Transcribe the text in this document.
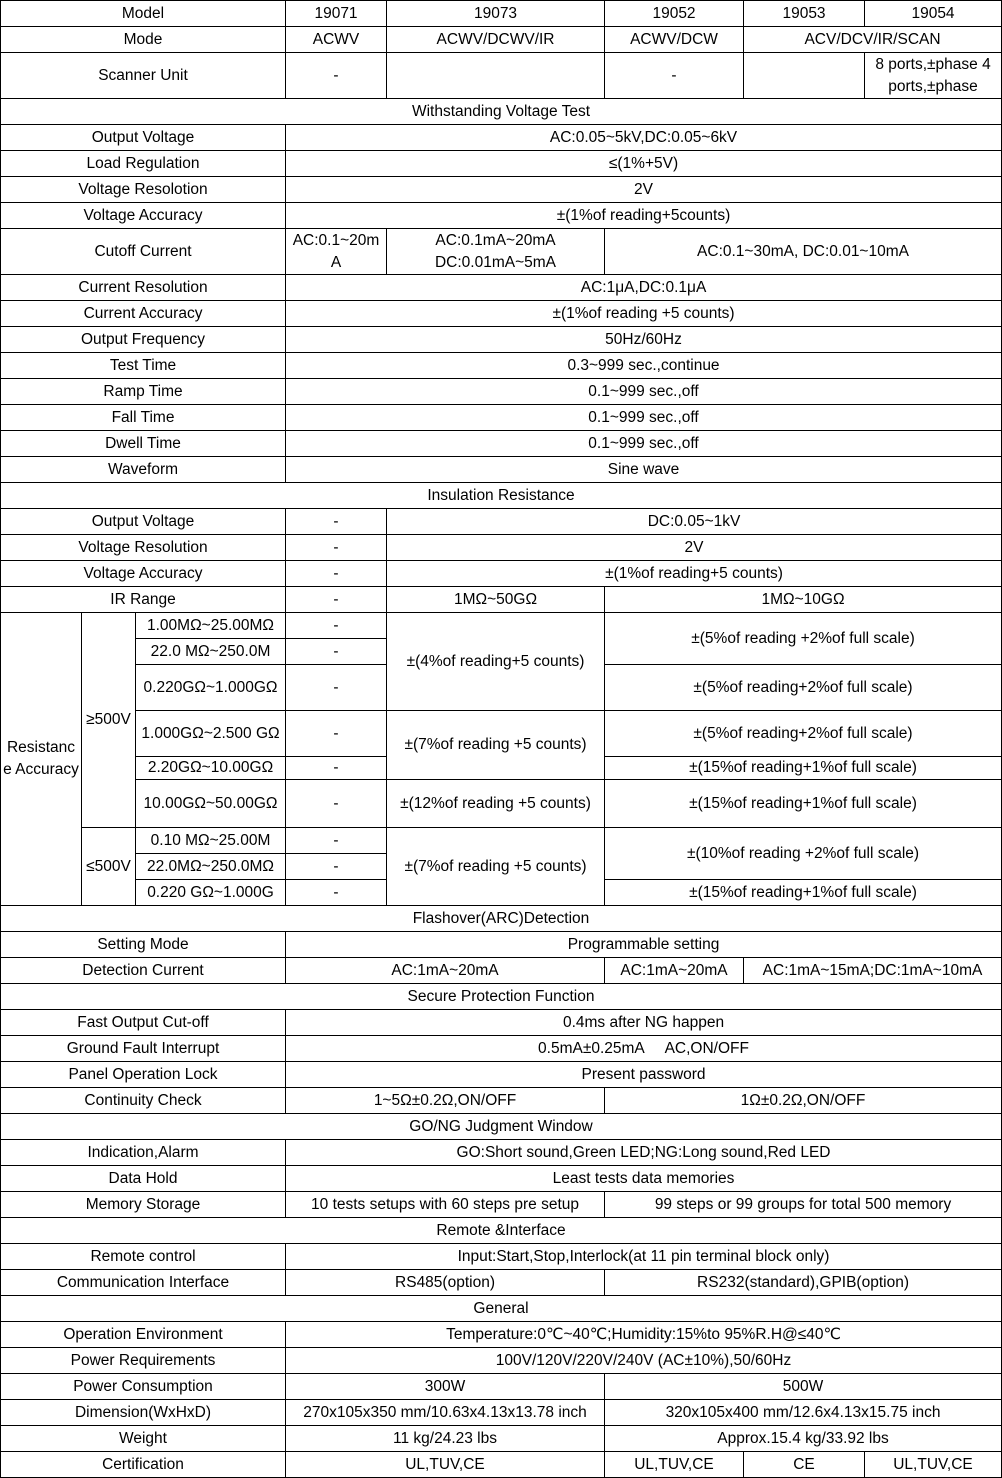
Model			19071	19073	19052	19053	19054
Mode			ACWV	ACWV/DCWV/IR	ACWV/DCW	ACV/DCV/IR/SCAN	
Scanner Unit			-		-		8 ports,±phase 4 ports,±phase
Withstanding Voltage Test							
Output Voltage			AC:0.05~5kV,DC:0.05~6kV				
Load Regulation			≤(1%+5V)				
Voltage Resolotion			2V				
Voltage Accuracy			±(1%of reading+5counts)				
Cutoff Current			AC:0.1~20mA	AC:0.1mA~20mA DC:0.01mA~5mA	AC:0.1~30mA, DC:0.01~10mA		
Current Resolution			AC:1μA,DC:0.1μA				
Current Accuracy			±(1%of reading +5 counts)				
Output Frequency			50Hz/60Hz				
Test Time			0.3~999 sec.,continue				
Ramp Time			0.1~999 sec.,off				
Fall Time			0.1~999 sec.,off				
Dwell Time			0.1~999 sec.,off				
Waveform			Sine wave				
Insulation Resistance							
Output Voltage			-	DC:0.05~1kV			
Voltage Resolution			-	2V			
Voltage Accuracy			-	±(1%of reading+5 counts)			
IR Range			-	1MΩ~50GΩ	1MΩ~10GΩ		
Resistance Accuracy	≥500V	1.00MΩ~25.00MΩ	-	±(4%of reading+5 counts)	±(5%of reading +2%of full scale)		
		22.0 MΩ~250.0M	-				
		0.220GΩ~1.000GΩ	-		±(5%of reading+2%of full scale)		
		1.000GΩ~2.500 GΩ	-	±(7%of reading +5 counts)	±(5%of reading+2%of full scale)		
		2.20GΩ~10.00GΩ	-		±(15%of reading+1%of full scale)		
		10.00GΩ~50.00GΩ	-	±(12%of reading +5 counts)	±(15%of reading+1%of full scale)		
	≤500V	0.10 MΩ~25.00M	-	±(7%of reading +5 counts)	±(10%of reading +2%of full scale)		
		22.0MΩ~250.0MΩ	-				
		0.220 GΩ~1.000G	-		±(15%of reading+1%of full scale)		
Flashover(ARC)Detection							
Setting Mode			Programmable setting				
Detection Current			AC:1mA~20mA		AC:1mA~20mA	AC:1mA~15mA;DC:1mA~10mA	
Secure Protection Function							
Fast Output Cut-off			0.4ms after NG happen				
Ground Fault Interrupt			0.5mA±0.25mA     AC,ON/OFF				
Panel Operation Lock			Present password				
Continuity Check			1~5Ω±0.2Ω,ON/OFF		1Ω±0.2Ω,ON/OFF		
GO/NG Judgment Window							
Indication,Alarm			GO:Short sound,Green LED;NG:Long sound,Red LED				
Data Hold			Least tests data memories				
Memory Storage			10 tests setups with 60 steps pre setup		99 steps or 99 groups for total 500 memory		
Remote &Interface							
Remote control			Input:Start,Stop,Interlock(at 11 pin terminal block only)				
Communication Interface			RS485(option)		RS232(standard),GPIB(option)		
General							
Operation Environment			Temperature:0℃~40℃;Humidity:15%to 95%R.H@≤40℃				
Power Requirements			100V/120V/220V/240V (AC±10%),50/60Hz				
Power Consumption			300W		500W		
Dimension(WxHxD)			270x105x350 mm/10.63x4.13x13.78 inch		320x105x400 mm/12.6x4.13x15.75 inch		
Weight			11 kg/24.23 lbs		Approx.15.4 kg/33.92 lbs		
Certification			UL,TUV,CE		UL,TUV,CE	CE	UL,TUV,CE
